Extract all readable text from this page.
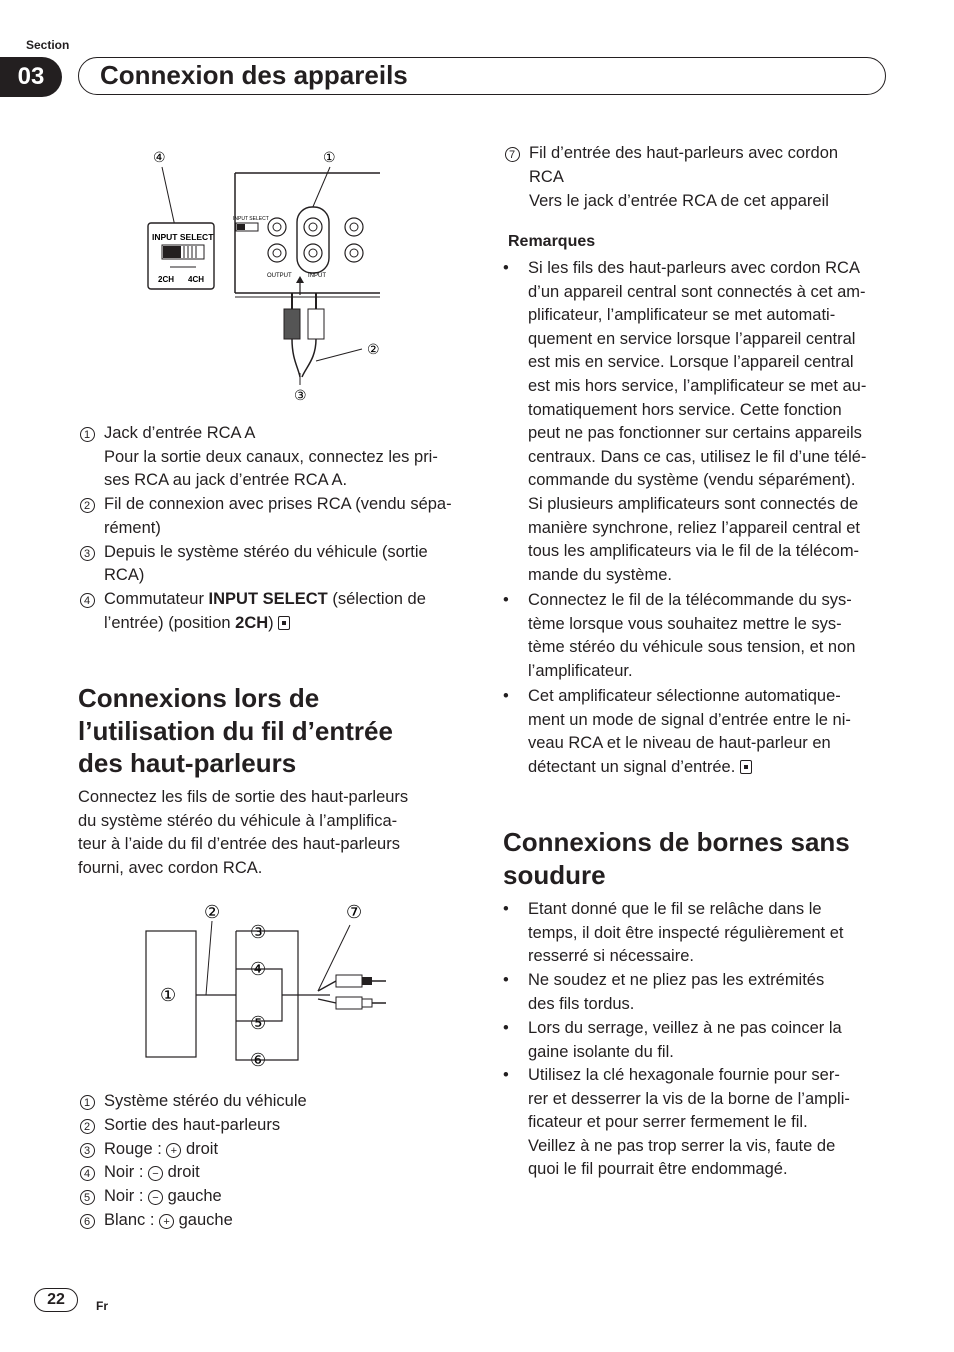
Section
03	Connexion des appareils
④	①
②
③
INPUT SELECT
2CH 4CH
INPUT SELECT
OUTPUT	INPUT
1 Jack d’entrée RCA A
Pour la sortie deux canaux, connectez les pri-
ses RCA au jack d’entrée RCA A.
2 Fil de connexion avec prises RCA (vendu sépa-
rément)
3 Depuis le système stéréo du véhicule (sortie
RCA)
4 Commutateur INPUT SELECT (sélection de
l’entrée) (position 2CH)
Connexions lors de
l’utilisation du fil d’entrée
des haut-parleurs
Connectez les fils de sortie des haut-parleurs
du système stéréo du véhicule à l’amplifica-
teur à l’aide du fil d’entrée des haut-parleurs
fourni, avec cordon RCA.
①
②
③
④
⑤
⑥
⑦
1 Système stéréo du véhicule
2 Sortie des haut-parleurs
3 Rouge : + droit
4 Noir : − droit
5 Noir : − gauche
6 Blanc : + gauche
7 Fil d’entrée des haut-parleurs avec cordon
RCA
Vers le jack d’entrée RCA de cet appareil
Remarques
• Si les fils des haut-parleurs avec cordon RCA
d’un appareil central sont connectés à cet am-
plificateur, l’amplificateur se met automati-
quement en service lorsque l’appareil central
est mis en service. Lorsque l’appareil central
est mis hors service, l’amplificateur se met au-
tomatiquement hors service. Cette fonction
peut ne pas fonctionner sur certains appareils
centraux. Dans ce cas, utilisez le fil d’une télé-
commande du système (vendu séparément).
Si plusieurs amplificateurs sont connectés de
manière synchrone, reliez l’appareil central et
tous les amplificateurs via le fil de la télécom-
mande du système.
• Connectez le fil de la télécommande du sys-
tème lorsque vous souhaitez mettre le sys-
tème stéréo du véhicule sous tension, et non
l’amplificateur.
• Cet amplificateur sélectionne automatique-
ment un mode de signal d’entrée entre le ni-
veau RCA et le niveau de haut-parleur en
détectant un signal d’entrée.
Connexions de bornes sans
soudure
• Etant donné que le fil se relâche dans le
temps, il doit être inspecté régulièrement et
resserré si nécessaire.
• Ne soudez et ne pliez pas les extrémités
des fils tordus.
• Lors du serrage, veillez à ne pas coincer la
gaine isolante du fil.
• Utilisez la clé hexagonale fournie pour ser-
rer et desserrer la vis de la borne de l’ampli-
ficateur et pour serrer fermement le fil.
Veillez à ne pas trop serrer la vis, faute de
quoi le fil pourrait être endommagé.
22	Fr
